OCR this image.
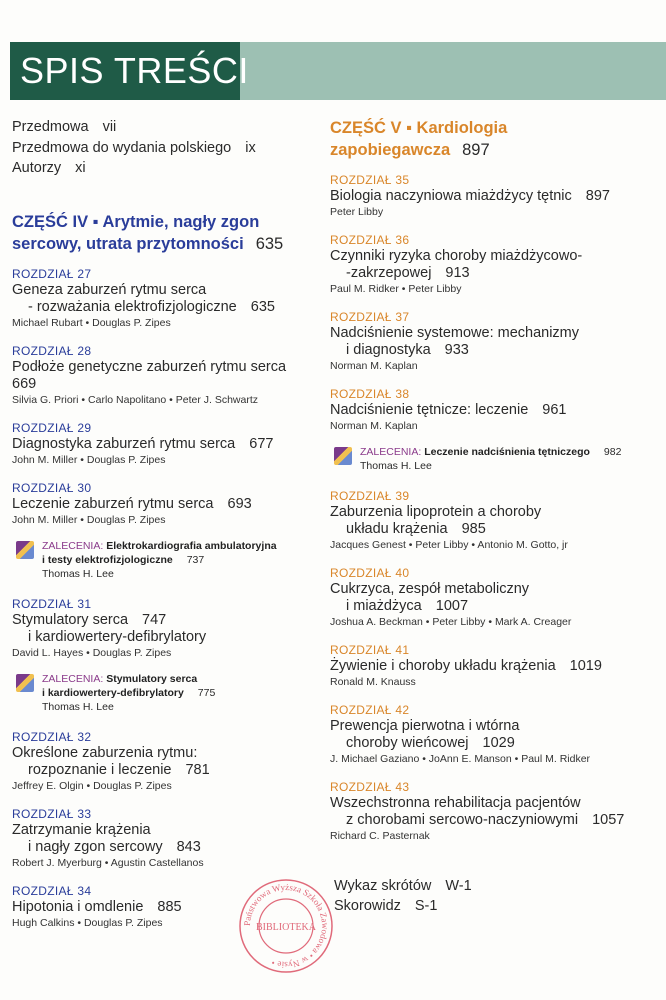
SPIS TREŚCI
Przedmowa vii
Przedmowa do wydania polskiego ix
Autorzy xi
CZĘŚĆ IV ▪ Arytmie, nagły zgon
sercowy, utrata przytomności 635
ROZDZIAŁ 27
Geneza zaburzeń rytmu serca
- rozważania elektrofizjologiczne 635
Michael Rubart • Douglas P. Zipes
ROZDZIAŁ 28
Podłoże genetyczne zaburzeń rytmu serca
669
Silvia G. Priori • Carlo Napolitano • Peter J. Schwartz
ROZDZIAŁ 29
Diagnostyka zaburzeń rytmu serca 677
John M. Miller • Douglas P. Zipes
ROZDZIAŁ 30
Leczenie zaburzeń rytmu serca 693
John M. Miller • Douglas P. Zipes
ZALECENIA: Elektrokardiografia ambulatoryjna
i testy elektrofizjologiczne 737
Thomas H. Lee
ROZDZIAŁ 31
Stymulatory serca 747
i kardiowertery-defibrylatory
David L. Hayes • Douglas P. Zipes
ZALECENIA: Stymulatory serca
i kardiowertery-defibrylatory 775
Thomas H. Lee
ROZDZIAŁ 32
Określone zaburzenia rytmu:
rozpoznanie i leczenie 781
Jeffrey E. Olgin • Douglas P. Zipes
ROZDZIAŁ 33
Zatrzymanie krążenia
i nagły zgon sercowy 843
Robert J. Myerburg • Agustin Castellanos
ROZDZIAŁ 34
Hipotonia i omdlenie 885
Hugh Calkins • Douglas P. Zipes
CZĘŚĆ V ▪ Kardiologia
zapobiegawcza 897
ROZDZIAŁ 35
Biologia naczyniowa miażdżycy tętnic 897
Peter Libby
ROZDZIAŁ 36
Czynniki ryzyka choroby miażdżycowo-
-zakrzepowej 913
Paul M. Ridker • Peter Libby
ROZDZIAŁ 37
Nadciśnienie systemowe: mechanizmy
i diagnostyka 933
Norman M. Kaplan
ROZDZIAŁ 38
Nadciśnienie tętnicze: leczenie 961
Norman M. Kaplan
ZALECENIA: Leczenie nadciśnienia tętniczego 982
Thomas H. Lee
ROZDZIAŁ 39
Zaburzenia lipoprotein a choroby
układu krążenia 985
Jacques Genest • Peter Libby • Antonio M. Gotto, jr
ROZDZIAŁ 40
Cukrzyca, zespół metaboliczny
i miażdżyca 1007
Joshua A. Beckman • Peter Libby • Mark A. Creager
ROZDZIAŁ 41
Żywienie i choroby układu krążenia 1019
Ronald M. Knauss
ROZDZIAŁ 42
Prewencja pierwotna i wtórna
choroby wieńcowej 1029
J. Michael Gaziano • JoAnn E. Manson • Paul M. Ridker
ROZDZIAŁ 43
Wszechstronna rehabilitacja pacjentów
z chorobami sercowo-naczyniowymi 1057
Richard C. Pasternak
Wykaz skrótów W-1
Skorowidz S-1
Państwowa Wyższa Szkoła Zawodowa • w Nysie •
BIBLIOTEKA
